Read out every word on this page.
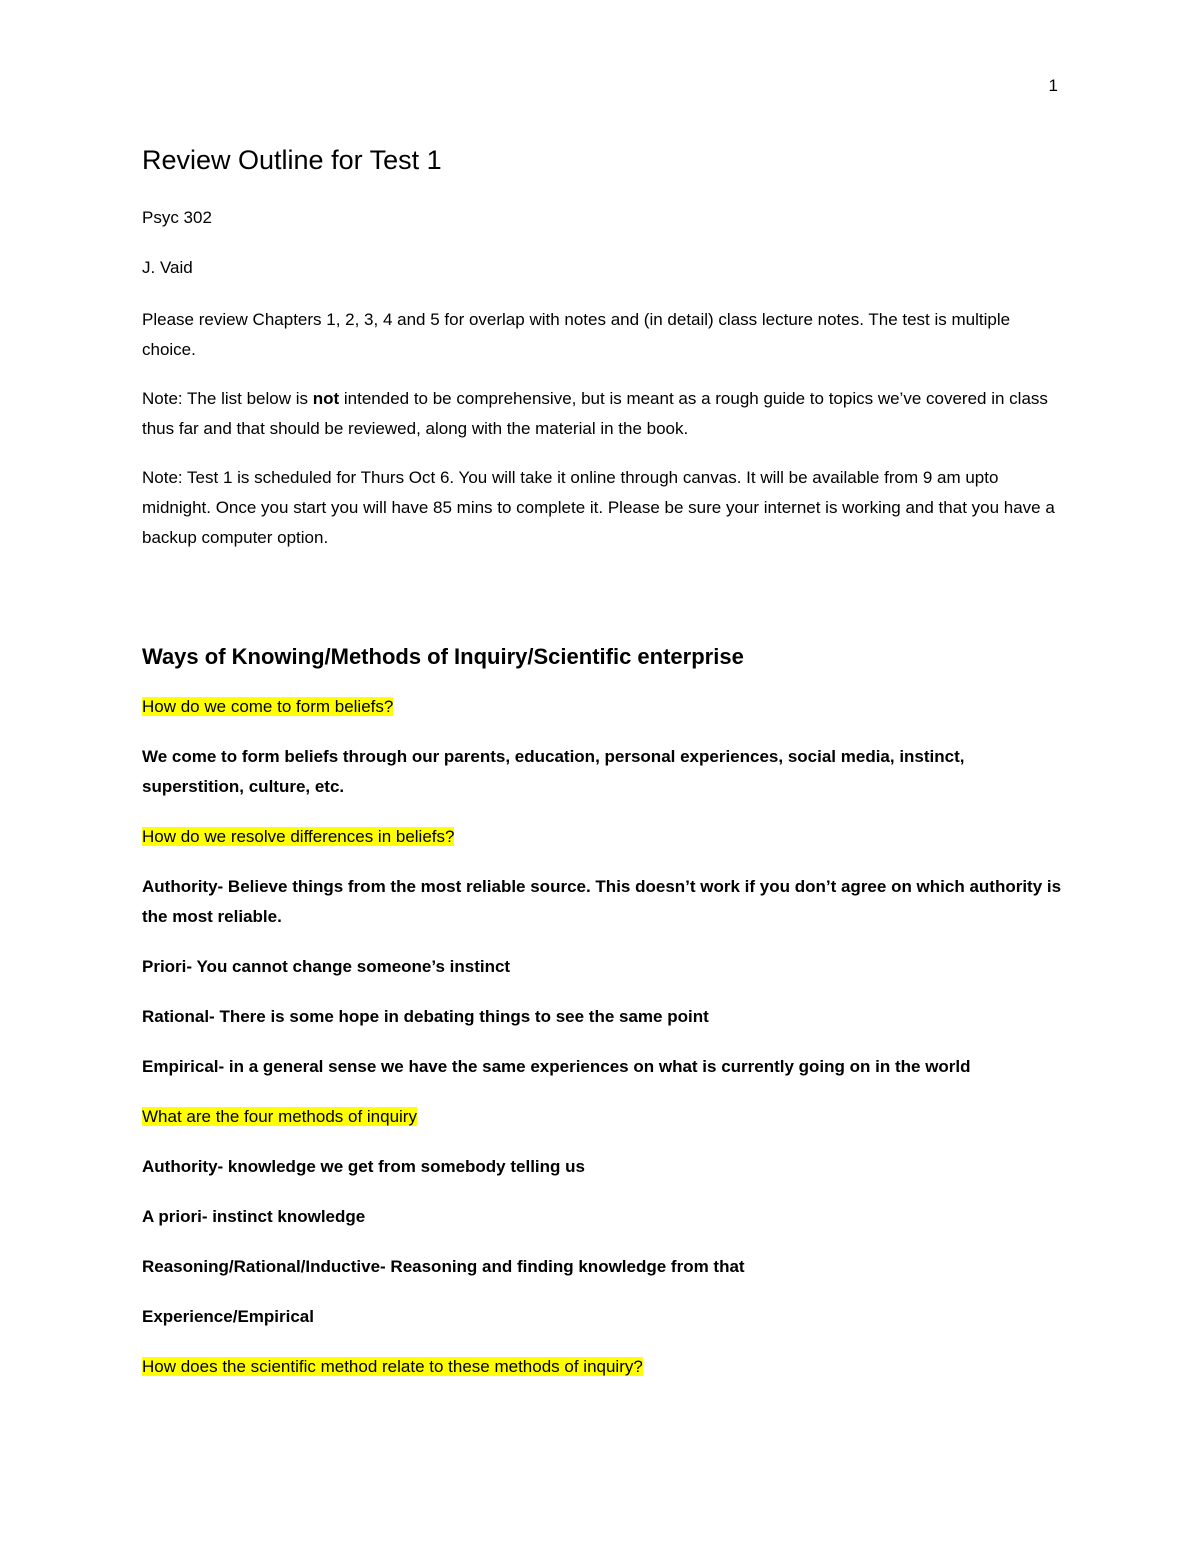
1
Review Outline for Test 1
Psyc 302
J. Vaid
Please review Chapters 1, 2, 3, 4 and 5 for overlap with notes and (in detail) class lecture notes. The test is multiple choice.
Note: The list below is not intended to be comprehensive, but is meant as a rough guide to topics we’ve covered in class thus far and that should be reviewed, along with the material in the book.
Note: Test 1 is scheduled for Thurs Oct 6. You will take it online through canvas. It will be available from 9 am upto midnight. Once you start you will have 85 mins to complete it. Please be sure your internet is working and that you have a backup computer option.
Ways of Knowing/Methods of Inquiry/Scientific enterprise
How do we come to form beliefs?
We come to form beliefs through our parents, education, personal experiences, social media, instinct, superstition, culture, etc.
How do we resolve differences in beliefs?
Authority- Believe things from the most reliable source. This doesn’t work if you don’t agree on which authority is the most reliable.
Priori- You cannot change someone’s instinct
Rational- There is some hope in debating things to see the same point
Empirical- in a general sense we have the same experiences on what is currently going on in the world
What are the four methods of inquiry
Authority- knowledge we get from somebody telling us
A priori- instinct knowledge
Reasoning/Rational/Inductive- Reasoning and finding knowledge from that
Experience/Empirical
How does the scientific method relate to these methods of inquiry?
